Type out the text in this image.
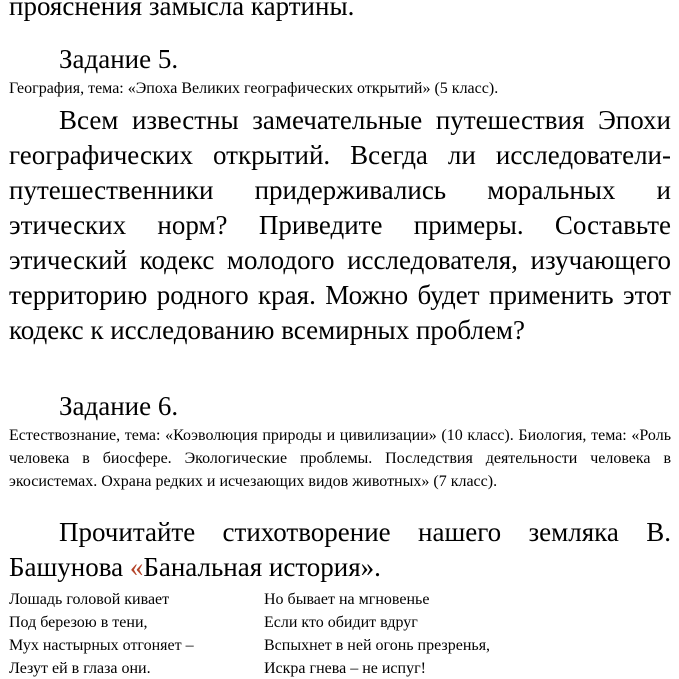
прояснения замысла картины.

Задание 5.

География, тема: «Эпоха Великих географических открытий» (5 класс).

Всем известны замечательные путешествия Эпохи географических открытий. Всегда ли исследователи-путешественники придерживались моральных и этических норм? Приведите примеры. Составьте этический кодекс молодого исследователя, изучающего территорию родного края. Можно будет применить этот кодекс к исследованию всемирных проблем?

Задание 6.

Естествознание, тема: «Коэволюция природы и цивилизации» (10 класс). Биология, тема: «Роль человека в биосфере. Экологические проблемы. Последствия деятельности человека в экосистемах. Охрана редких и исчезающих видов животных» (7 класс).

Прочитайте стихотворение нашего земляка В. Башунова «Банальная история».

Лошадь головой кивает
Под березою в тени,
Мух настырных отгоняет –
Лезут ей в глаза они.
Но бывает на мгновенье
Если кто обидит вдруг
Вспыхнет в ней огонь презренья,
Искра гнева – не испуг!
